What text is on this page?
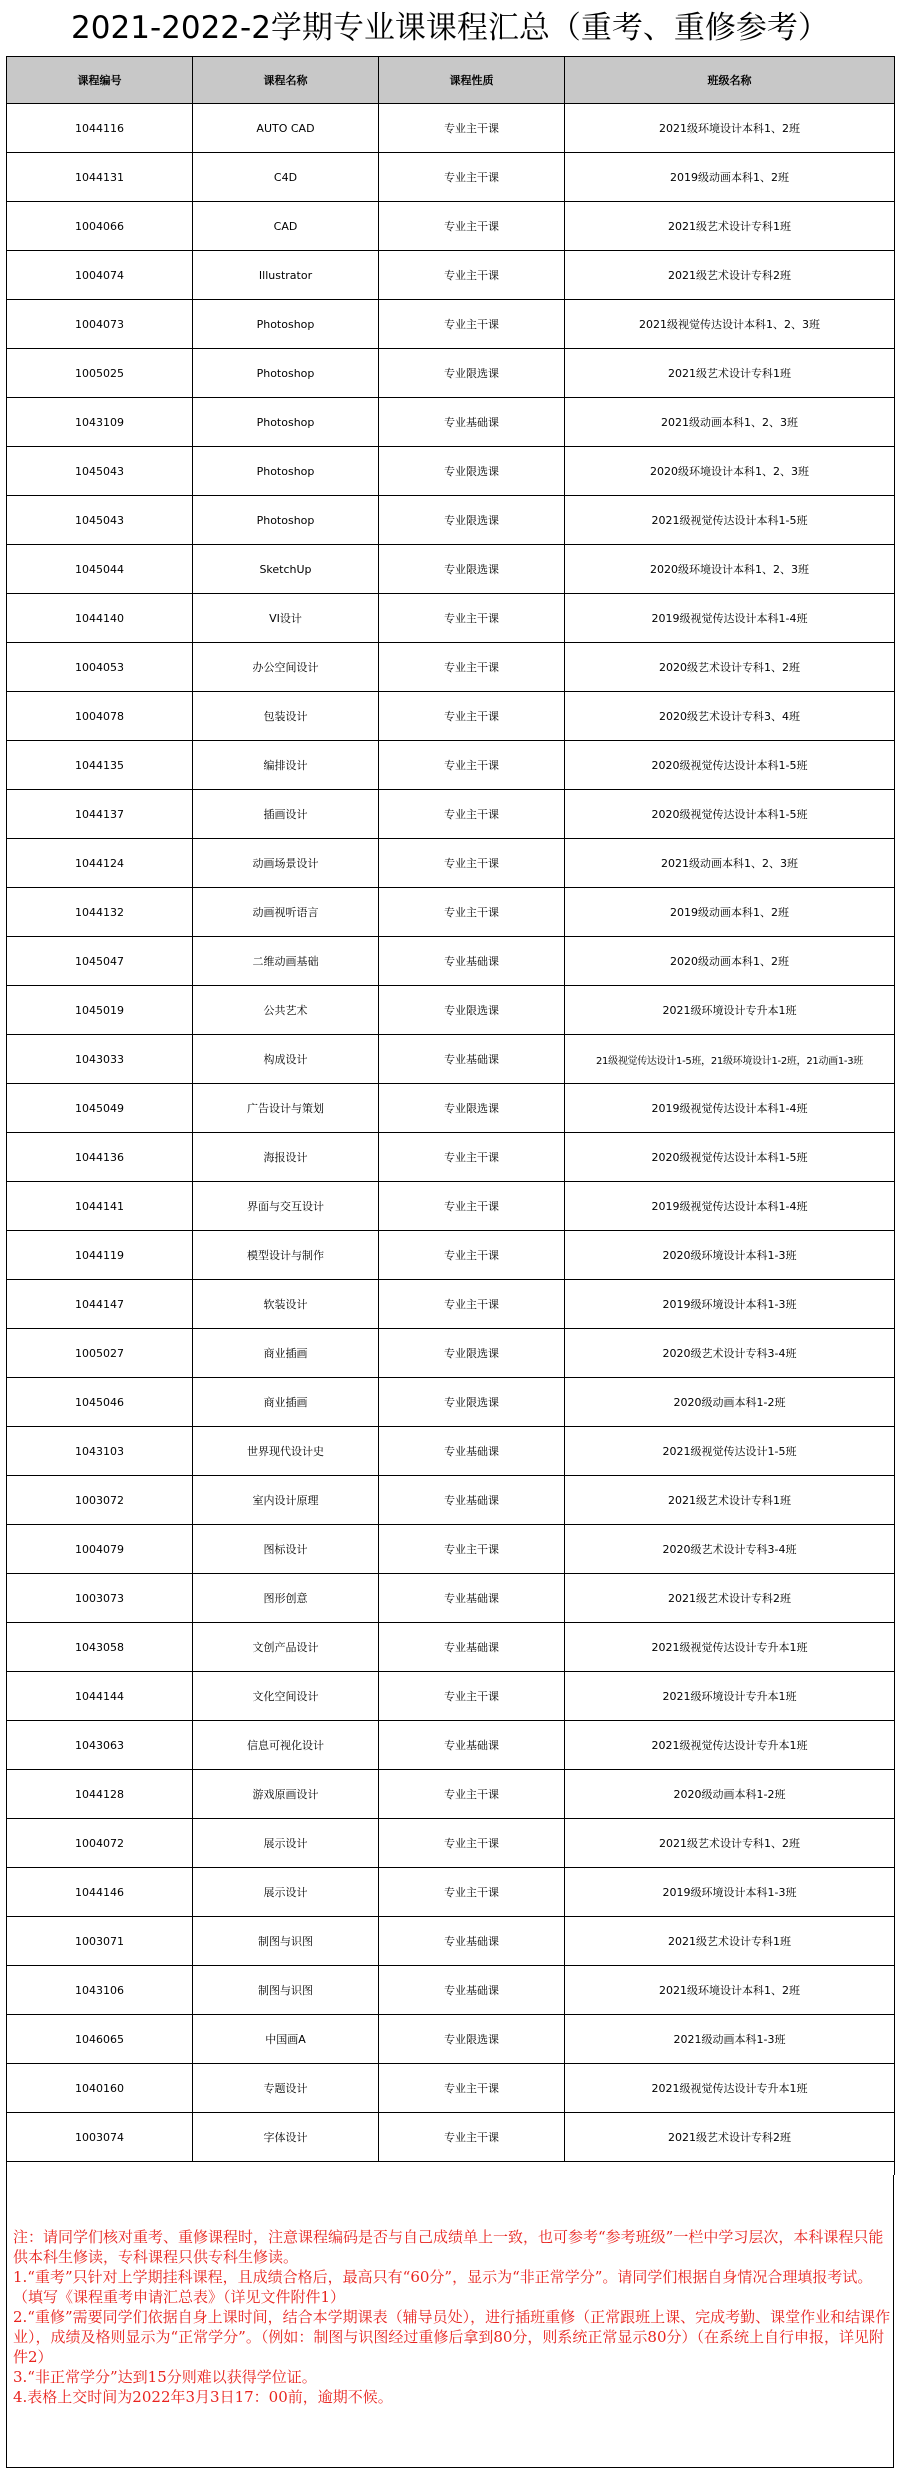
2021-2022-2学期专业课课程汇总（重考、重修参考）
课程编号	课程名称	课程性质	班级名称
1044116	AUTO CAD	专业主干课	2021级环境设计本科1、2班
1044131	C4D	专业主干课	2019级动画本科1、2班
1004066	CAD	专业主干课	2021级艺术设计专科1班
1004074	Illustrator	专业主干课	2021级艺术设计专科2班
1004073	Photoshop	专业主干课	2021级视觉传达设计本科1、2、3班
1005025	Photoshop	专业限选课	2021级艺术设计专科1班
1043109	Photoshop	专业基础课	2021级动画本科1、2、3班
1045043	Photoshop	专业限选课	2020级环境设计本科1、2、3班
1045043	Photoshop	专业限选课	2021级视觉传达设计本科1-5班
1045044	SketchUp	专业限选课	2020级环境设计本科1、2、3班
1044140	VI设计	专业主干课	2019级视觉传达设计本科1-4班
1004053	办公空间设计	专业主干课	2020级艺术设计专科1、2班
1004078	包装设计	专业主干课	2020级艺术设计专科3、4班
1044135	编排设计	专业主干课	2020级视觉传达设计本科1-5班
1044137	插画设计	专业主干课	2020级视觉传达设计本科1-5班
1044124	动画场景设计	专业主干课	2021级动画本科1、2、3班
1044132	动画视听语言	专业主干课	2019级动画本科1、2班
1045047	二维动画基础	专业基础课	2020级动画本科1、2班
1045019	公共艺术	专业限选课	2021级环境设计专升本1班
1043033	构成设计	专业基础课	21级视觉传达设计1-5班，21级环境设计1-2班，21动画1-3班
1045049	广告设计与策划	专业限选课	2019级视觉传达设计本科1-4班
1044136	海报设计	专业主干课	2020级视觉传达设计本科1-5班
1044141	界面与交互设计	专业主干课	2019级视觉传达设计本科1-4班
1044119	模型设计与制作	专业主干课	2020级环境设计本科1-3班
1044147	软装设计	专业主干课	2019级环境设计本科1-3班
1005027	商业插画	专业限选课	2020级艺术设计专科3-4班
1045046	商业插画	专业限选课	2020级动画本科1-2班
1043103	世界现代设计史	专业基础课	2021级视觉传达设计1-5班
1003072	室内设计原理	专业基础课	2021级艺术设计专科1班
1004079	图标设计	专业主干课	2020级艺术设计专科3-4班
1003073	图形创意	专业基础课	2021级艺术设计专科2班
1043058	文创产品设计	专业基础课	2021级视觉传达设计专升本1班
1044144	文化空间设计	专业主干课	2021级环境设计专升本1班
1043063	信息可视化设计	专业基础课	2021级视觉传达设计专升本1班
1044128	游戏原画设计	专业主干课	2020级动画本科1-2班
1004072	展示设计	专业主干课	2021级艺术设计专科1、2班
1044146	展示设计	专业主干课	2019级环境设计本科1-3班
1003071	制图与识图	专业基础课	2021级艺术设计专科1班
1043106	制图与识图	专业基础课	2021级环境设计本科1、2班
1046065	中国画A	专业限选课	2021级动画本科1-3班
1040160	专题设计	专业主干课	2021级视觉传达设计专升本1班
1003074	字体设计	专业主干课	2021级艺术设计专科2班

注：请同学们核对重考、重修课程时，注意课程编码是否与自己成绩单上一致，也可参考“参考班级”一栏中学习层次，本科课程只能供本科生修读，专科课程只供专科生修读。

1.“重考”只针对上学期挂科课程，且成绩合格后，最高只有“60分”，显示为“非正常学分”。请同学们根据自身情况合理填报考试。（填写《课程重考申请汇总表》（详见文件附件1）

2.“重修”需要同学们依据自身上课时间，结合本学期课表（辅导员处），进行插班重修（正常跟班上课、完成考勤、课堂作业和结课作业），成绩及格则显示为“正常学分”。（例如：制图与识图经过重修后拿到80分，则系统正常显示80分）（在系统上自行申报，详见附件2）

3.“非正常学分”达到15分则难以获得学位证。

4.表格上交时间为2022年3月3日17：00前，逾期不候。
